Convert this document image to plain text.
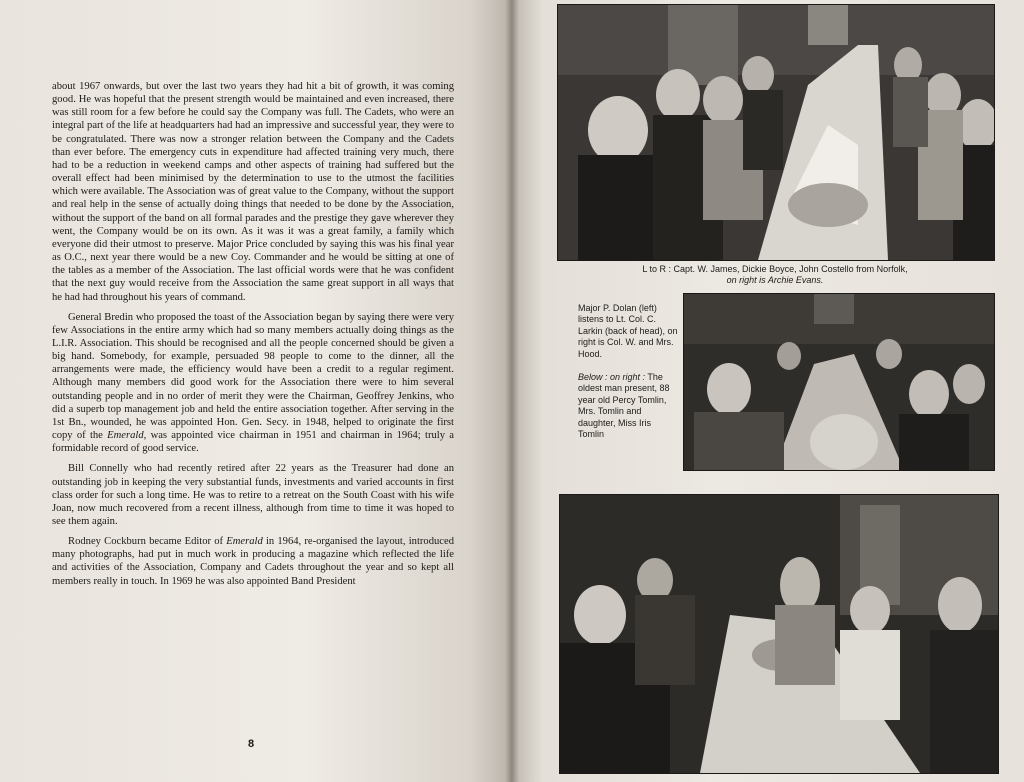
about 1967 onwards, but over the last two years they had hit a bit of growth, it was coming good. He was hopeful that the present strength would be maintained and even increased, there was still room for a few before he could say the Company was full. The Cadets, who were an integral part of the life at headquarters had had an impressive and successful year, they were to be congratulated. There was now a stronger relation between the Company and the Cadets than ever before. The emergency cuts in expenditure had affected training very much, there had to be a reduction in weekend camps and other aspects of training had suffered but the overall effect had been minimised by the determination to use to the utmost the facilities which were available. The Association was of great value to the Company, without the support and real help in the sense of actually doing things that needed to be done by the Association, without the support of the band on all formal parades and the prestige they gave wherever they went, the Company would be on its own. As it was it was a great family, a family which everyone did their utmost to preserve. Major Price concluded by saying this was his final year as O.C., next year there would be a new Coy. Commander and he would be sitting at one of the tables as a member of the Association. The last official words were that he was confident that the next guy would receive from the Association the same great support in all ways that he had had throughout his years of command.

General Bredin who proposed the toast of the Association began by saying there were very few Associations in the entire army which had so many members actually doing things as the L.I.R. Association. This should be recognised and all the people concerned should be given a big hand. Somebody, for example, persuaded 98 people to come to the dinner, all the arrangements were made, the efficiency would have been a credit to a regular regiment. Although many members did good work for the Association there were to him several outstanding people and in no order of merit they were the Chairman, Geoffrey Jenkins, who did a superb top management job and held the entire association together. After serving in the 1st Bn., wounded, he was appointed Hon. Gen. Secy. in 1948, helped to originate the first copy of the Emerald, was appointed vice chairman in 1951 and chairman in 1964; truly a formidable record of good service.

Bill Connelly who had recently retired after 22 years as the Treasurer had done an outstanding job in keeping the very substantial funds, investments and varied accounts in first class order for such a long time. He was to retire to a retreat on the South Coast with his wife Joan, now much recovered from a recent illness, although from time to time it was hoped to see them again.

Rodney Cockburn became Editor of Emerald in 1964, re-organised the layout, introduced many photographs, had put in much work in producing a magazine which reflected the life and activities of the Association, Company and Cadets throughout the year and so kept all members really in touch. In 1969 he was also appointed Band President

8
L to R : Capt. W. James, Dickie Boyce, John Costello from Norfolk,
on right is Archie Evans.
Major P. Dolan (left) listens to Lt. Col. C. Larkin (back of head), on right is Col. W. and Mrs. Hood.
Below : on right : The oldest man present, 88 year old Percy Tomlin, Mrs. Tomlin and daughter, Miss Iris Tomlin
